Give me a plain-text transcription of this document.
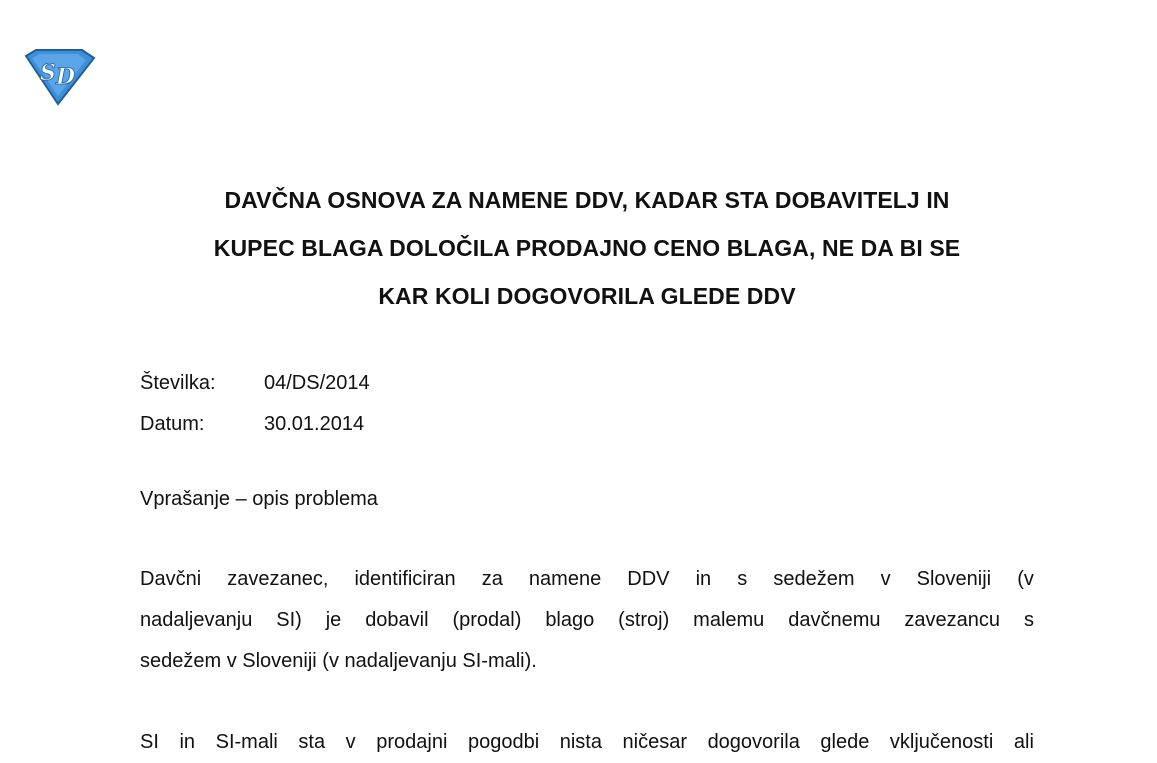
S D
DAVČNA OSNOVA ZA NAMENE DDV, KADAR STA DOBAVITELJ IN
KUPEC BLAGA DOLOČILA PRODAJNO CENO BLAGA, NE DA BI SE
KAR KOLI DOGOVORILA GLEDE DDV
Številka:	04/DS/2014
Datum:	30.01.2014
Vprašanje – opis problema
Davčni zavezanec, identificiran za namene DDV in s sedežem v Sloveniji (v
nadaljevanju SI) je dobavil (prodal) blago (stroj) malemu davčnemu zavezancu s
sedežem v Sloveniji (v nadaljevanju SI-mali).
SI in SI-mali sta v prodajni pogodbi nista ničesar dogovorila glede vključenosti ali
